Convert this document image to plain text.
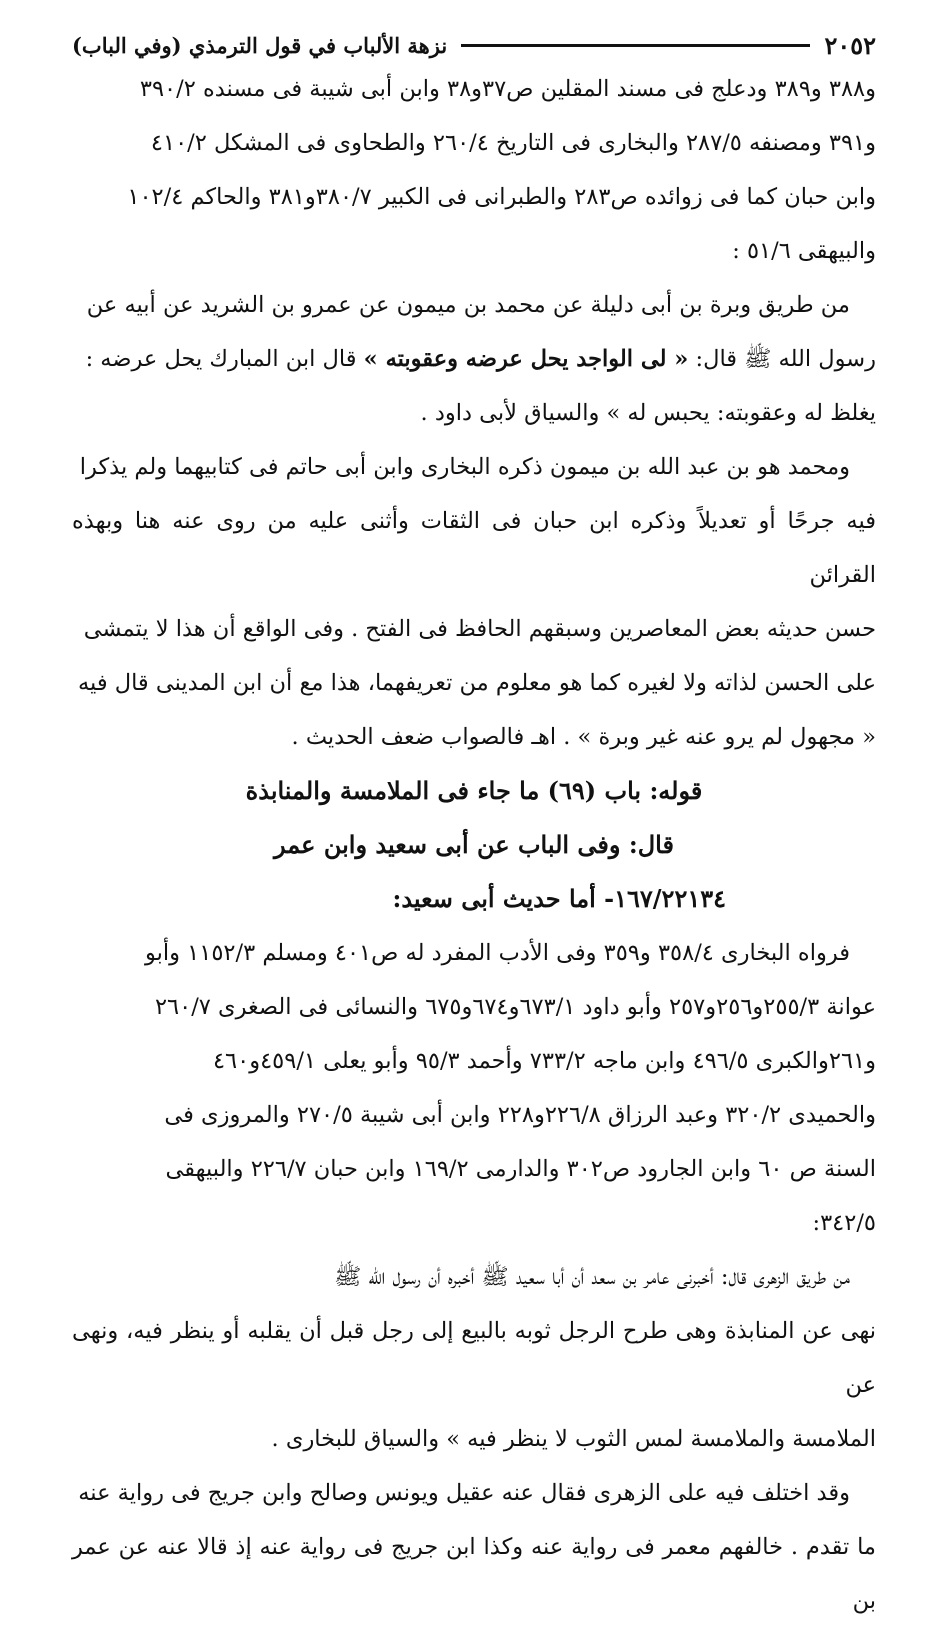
٢٠٥٢
نزهة الألباب في قول الترمذي (وفي الباب)

و٣٨٨ و٣٨٩ ودعلج فى مسند المقلين ص٣٧و٣٨ وابن أبى شيبة فى مسنده ٣٩٠/٢

و٣٩١ ومصنفه ٢٨٧/٥ والبخارى فى التاريخ ٢٦٠/٤ والطحاوى فى المشكل ٤١٠/٢

وابن حبان كما فى زوائده ص٢٨٣ والطبرانى فى الكبير ٣٨٠/٧و٣٨١ والحاكم ١٠٢/٤

والبيهقى ٥١/٦ :

من طريق وبرة بن أبى دليلة عن محمد بن ميمون عن عمرو بن الشريد عن أبيه عن

رسول الله ﷺ قال: « لى الواجد يحل عرضه وعقوبته » قال ابن المبارك يحل عرضه :

يغلظ له وعقوبته: يحبس له » والسياق لأبى داود .

ومحمد هو بن عبد الله بن ميمون ذكره البخارى وابن أبى حاتم فى كتابيهما ولم يذكرا

فيه جرحًا أو تعديلاً وذكره ابن حبان فى الثقات وأثنى عليه من روى عنه هنا وبهذه القرائن

حسن حديثه بعض المعاصرين وسبقهم الحافظ فى الفتح . وفى الواقع أن هذا لا يتمشى

على الحسن لذاته ولا لغيره كما هو معلوم من تعريفهما، هذا مع أن ابن المدينى قال فيه

« مجهول لم يرو عنه غير وبرة » . اهـ فالصواب ضعف الحديث .

قوله: باب (٦٩) ما جاء فى الملامسة والمنابذة

قال: وفى الباب عن أبى سعيد وابن عمر

١٦٧/٢٢١٣٤- أما حديث أبى سعيد:

فرواه البخارى ٣٥٨/٤ و٣٥٩ وفى الأدب المفرد له ص٤٠١ ومسلم ١١٥٢/٣ وأبو

عوانة ٢٥٥/٣و٢٥٦و٢٥٧ وأبو داود ٦٧٣/١و٦٧٤و٦٧٥ والنسائى فى الصغرى ٢٦٠/٧

و٢٦١والكبرى ٤٩٦/٥ وابن ماجه ٧٣٣/٢ وأحمد ٩٥/٣ وأبو يعلى ٤٥٩/١و٤٦٠

والحميدى ٣٢٠/٢ وعبد الرزاق ٢٢٦/٨و٢٢٨ وابن أبى شيبة ٢٧٠/٥ والمروزى فى

السنة ص ٦٠ وابن الجارود ص٣٠٢ والدارمى ١٦٩/٢ وابن حبان ٢٢٦/٧ والبيهقى

٣٤٢/٥:

من طريق الزهرى قال: أخبرنى عامر بن سعد أن أبا سعيد ﷺ أخبره أن رسول الله ﷺ

نهى عن المنابذة وهى طرح الرجل ثوبه بالبيع إلى رجل قبل أن يقلبه أو ينظر فيه، ونهى عن

الملامسة والملامسة لمس الثوب لا ينظر فيه » والسياق للبخارى .

وقد اختلف فيه على الزهرى فقال عنه عقيل ويونس وصالح وابن جريج فى رواية عنه

ما تقدم . خالفهم معمر فى رواية عنه وكذا ابن جريج فى رواية عنه إذ قالا عنه عن عمر بن
